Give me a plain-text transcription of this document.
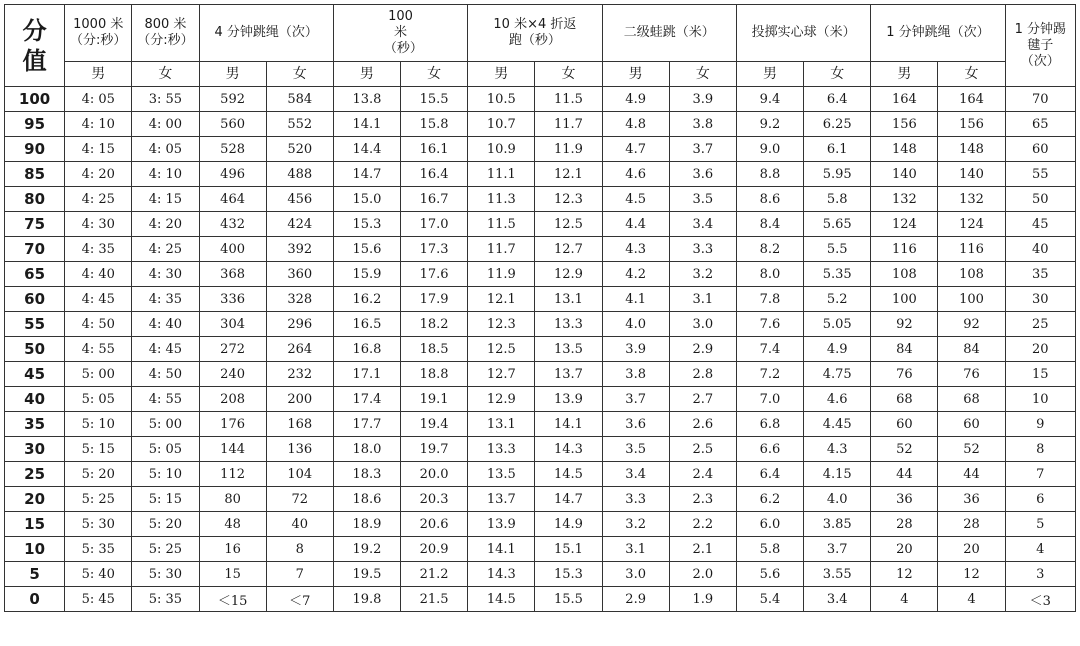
分值	1000 米（分:秒）	800 米（分:秒）	4 分钟跳绳（次）		100 米（秒）		10 米×4 折返跑（秒）		二级蛙跳（米）		投掷实心球（米）		1 分钟跳绳（次）		1 分钟踢毽子（次）
	男	女	男	女	男	女	男	女	男	女	男	女	男	女	
100	4: 05	3: 55	592	584	13.8	15.5	10.5	11.5	4.9	3.9	9.4	6.4	164	164	70
95	4: 10	4: 00	560	552	14.1	15.8	10.7	11.7	4.8	3.8	9.2	6.25	156	156	65
90	4: 15	4: 05	528	520	14.4	16.1	10.9	11.9	4.7	3.7	9.0	6.1	148	148	60
85	4: 20	4: 10	496	488	14.7	16.4	11.1	12.1	4.6	3.6	8.8	5.95	140	140	55
80	4: 25	4: 15	464	456	15.0	16.7	11.3	12.3	4.5	3.5	8.6	5.8	132	132	50
75	4: 30	4: 20	432	424	15.3	17.0	11.5	12.5	4.4	3.4	8.4	5.65	124	124	45
70	4: 35	4: 25	400	392	15.6	17.3	11.7	12.7	4.3	3.3	8.2	5.5	116	116	40
65	4: 40	4: 30	368	360	15.9	17.6	11.9	12.9	4.2	3.2	8.0	5.35	108	108	35
60	4: 45	4: 35	336	328	16.2	17.9	12.1	13.1	4.1	3.1	7.8	5.2	100	100	30
55	4: 50	4: 40	304	296	16.5	18.2	12.3	13.3	4.0	3.0	7.6	5.05	92	92	25
50	4: 55	4: 45	272	264	16.8	18.5	12.5	13.5	3.9	2.9	7.4	4.9	84	84	20
45	5: 00	4: 50	240	232	17.1	18.8	12.7	13.7	3.8	2.8	7.2	4.75	76	76	15
40	5: 05	4: 55	208	200	17.4	19.1	12.9	13.9	3.7	2.7	7.0	4.6	68	68	10
35	5: 10	5: 00	176	168	17.7	19.4	13.1	14.1	3.6	2.6	6.8	4.45	60	60	9
30	5: 15	5: 05	144	136	18.0	19.7	13.3	14.3	3.5	2.5	6.6	4.3	52	52	8
25	5: 20	5: 10	112	104	18.3	20.0	13.5	14.5	3.4	2.4	6.4	4.15	44	44	7
20	5: 25	5: 15	80	72	18.6	20.3	13.7	14.7	3.3	2.3	6.2	4.0	36	36	6
15	5: 30	5: 20	48	40	18.9	20.6	13.9	14.9	3.2	2.2	6.0	3.85	28	28	5
10	5: 35	5: 25	16	8	19.2	20.9	14.1	15.1	3.1	2.1	5.8	3.7	20	20	4
5	5: 40	5: 30	15	7	19.5	21.2	14.3	15.3	3.0	2.0	5.6	3.55	12	12	3
0	5: 45	5: 35	＜15	＜7	19.8	21.5	14.5	15.5	2.9	1.9	5.4	3.4	4	4	＜3
